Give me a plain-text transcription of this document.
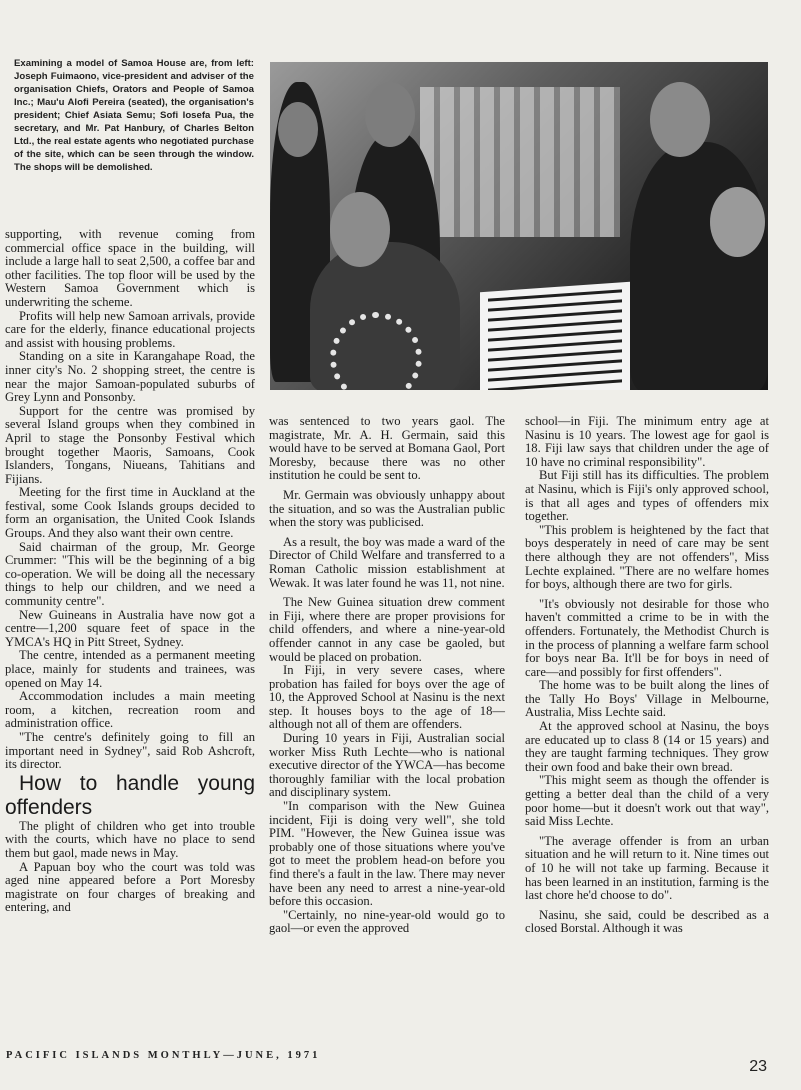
Examining a model of Samoa House are, from left: Joseph Fuimaono, vice-president and adviser of the organisation Chiefs, Orators and People of Samoa Inc.; Mau'u Alofi Pereira (seated), the organisation's president; Chief Asiata Semu; Sofi Iosefa Pua, the secretary, and Mr. Pat Hanbury, of Charles Belton Ltd., the real estate agents who negotiated purchase of the site, which can be seen through the window. The shops will be demolished.

supporting, with revenue coming from commercial office space in the building, will include a large hall to seat 2,500, a coffee bar and other facilities. The top floor will be used by the Western Samoa Government which is underwriting the scheme.

Profits will help new Samoan arrivals, provide care for the elderly, finance educational projects and assist with housing problems.

Standing on a site in Karangahape Road, the inner city's No. 2 shopping street, the centre is near the major Samoan-populated suburbs of Grey Lynn and Ponsonby.

Support for the centre was promised by several Island groups when they combined in April to stage the Ponsonby Festival which brought together Maoris, Samoans, Cook Islanders, Tongans, Niueans, Tahitians and Fijians.

Meeting for the first time in Auckland at the festival, some Cook Islands groups decided to form an organisation, the United Cook Islands Groups. And they also want their own centre.

Said chairman of the group, Mr. George Crummer: "This will be the beginning of a big co-operation. We will be doing all the necessary things to help our children, and we need a community centre".

New Guineans in Australia have now got a centre—1,200 square feet of space in the YMCA's HQ in Pitt Street, Sydney.

The centre, intended as a permanent meeting place, mainly for students and trainees, was opened on May 14.

Accommodation includes a main meeting room, a kitchen, recreation room and administration office.

"The centre's definitely going to fill an important need in Sydney", said Rob Ashcroft, its director.

How to handle young offenders

The plight of children who get into trouble with the courts, which have no place to send them but gaol, made news in May.

A Papuan boy who the court was told was aged nine appeared before a Port Moresby magistrate on four charges of breaking and entering, and

was sentenced to two years gaol. The magistrate, Mr. A. H. Germain, said this would have to be served at Bomana Gaol, Port Moresby, because there was no other institution he could be sent to.

Mr. Germain was obviously unhappy about the situation, and so was the Australian public when the story was publicised.

As a result, the boy was made a ward of the Director of Child Welfare and transferred to a Roman Catholic mission establishment at Wewak. It was later found he was 11, not nine.

The New Guinea situation drew comment in Fiji, where there are proper provisions for child offenders, and where a nine-year-old offender cannot in any case be gaoled, but would be placed on probation.

In Fiji, in very severe cases, where probation has failed for boys over the age of 10, the Approved School at Nasinu is the next step. It houses boys to the age of 18—although not all of them are offenders.

During 10 years in Fiji, Australian social worker Miss Ruth Lechte—who is national executive director of the YWCA—has become thoroughly familiar with the local probation and disciplinary system.

"In comparison with the New Guinea incident, Fiji is doing very well", she told PIM. "However, the New Guinea issue was probably one of those situations where you've got to meet the problem head-on before you find there's a fault in the law. There may never have been any need to arrest a nine-year-old before this occasion.

"Certainly, no nine-year-old would go to gaol—or even the approved

school—in Fiji. The minimum entry age at Nasinu is 10 years. The lowest age for gaol is 18. Fiji law says that children under the age of 10 have no criminal responsibility".

But Fiji still has its difficulties. The problem at Nasinu, which is Fiji's only approved school, is that all ages and types of offenders mix together.

"This problem is heightened by the fact that boys desperately in need of care may be sent there although they are not offenders", Miss Lechte explained. "There are no welfare homes for boys, although there are two for girls.

"It's obviously not desirable for those who haven't committed a crime to be in with the offenders. Fortunately, the Methodist Church is in the process of planning a welfare farm school for boys near Ba. It'll be for boys in need of care—and possibly for first offenders".

The home was to be built along the lines of the Tally Ho Boys' Village in Melbourne, Australia, Miss Lechte said.

At the approved school at Nasinu, the boys are educated up to class 8 (14 or 15 years) and they are taught farming techniques. They grow their own food and bake their own bread.

"This might seem as though the offender is getting a better deal than the child of a very poor home—but it doesn't work out that way", said Miss Lechte.

"The average offender is from an urban situation and he will return to it. Nine times out of 10 he will not take up farming. Because it has been learned in an institution, farming is the last chore he'd choose to do".

Nasinu, she said, could be described as a closed Borstal. Although it was

PACIFIC ISLANDS MONTHLY—JUNE, 1971
23
